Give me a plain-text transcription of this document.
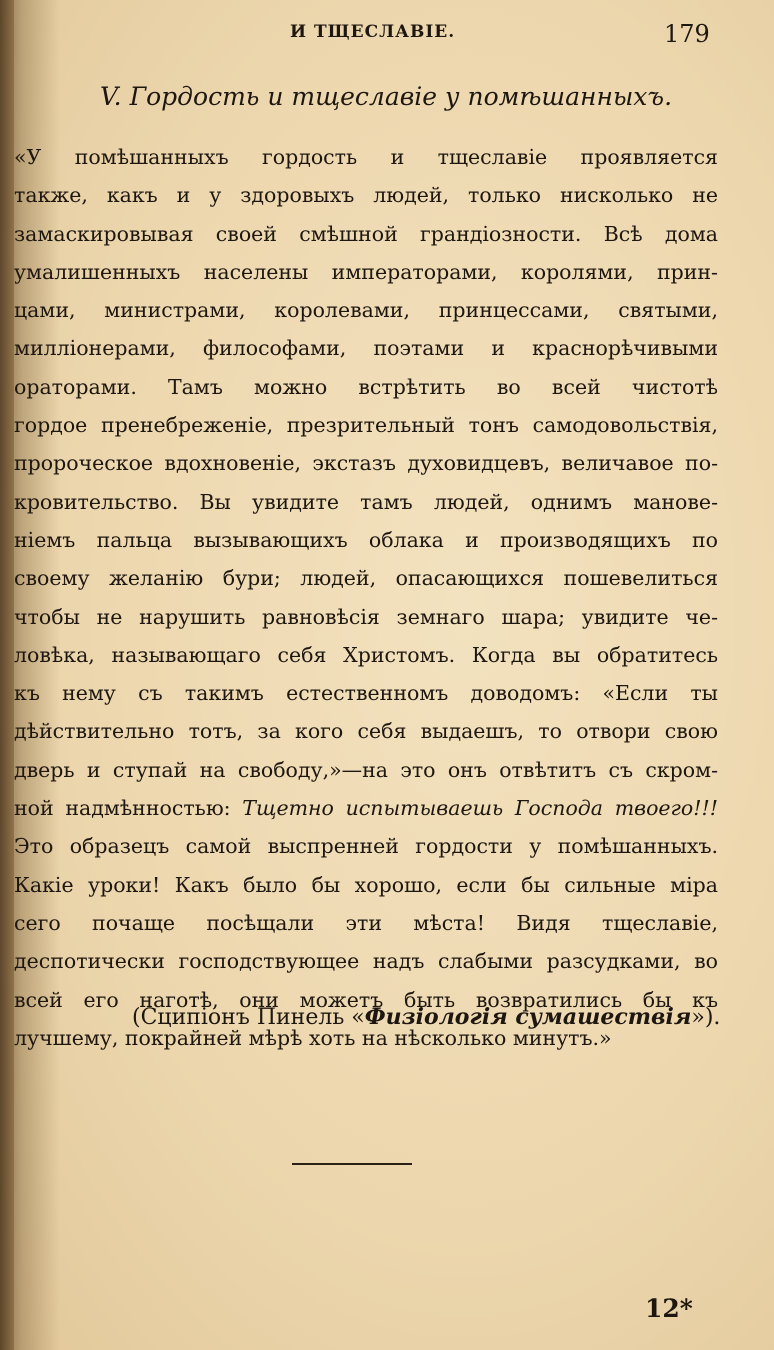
И ТЩЕСЛАВІЕ.	179
V. Гордость и тщеславіе у помѣшанныхъ.
«У помѣшанныхъ гордость и тщеславіе проявляется
также, какъ и у здоровыхъ людей, только нисколько не
замаскировывая своей смѣшной грандіозности. Всѣ дома
умалишенныхъ населены императорами, королями, прин-
цами, министрами, королевами, принцессами, святыми,
милліонерами, философами, поэтами и краснорѣчивыми
ораторами. Тамъ можно встрѣтить во всей чистотѣ
гордое пренебреженіе, презрительный тонъ самодовольствія,
пророческое вдохновеніе, экстазъ духовидцевъ, величавое по-
кровительство. Вы увидите тамъ людей, однимъ манове-
ніемъ пальца вызывающихъ облака и производящихъ по
своему желанію бури; людей, опасающихся пошевелиться
чтобы не нарушить равновѣсія земнаго шара; увидите че-
ловѣка, называющаго себя Христомъ. Когда вы обратитесь
къ нему съ такимъ естественномъ доводомъ: «Если ты
дѣйствительно тотъ, за кого себя выдаешъ, то отвори свою
дверь и ступай на свободу,»—на это онъ отвѣтитъ съ скром-
ной надмѣнностью: Тщетно испытываешь Господа твоего!!!
Это образецъ самой выспренней гордости у помѣшанныхъ.
Какіе уроки! Какъ было бы хорошо, если бы сильные міра
сего почаще посѣщали эти мѣста! Видя тщеславіе,
деспотически господствующее надъ слабыми разсудками, во
всей его наготѣ, они можетъ быть возвратились бы къ
лучшему, покрайней мѣрѣ хоть на нѣсколько минутъ.»
(Сципіонъ Пинель «Физіологія сумашествія»).
12*
